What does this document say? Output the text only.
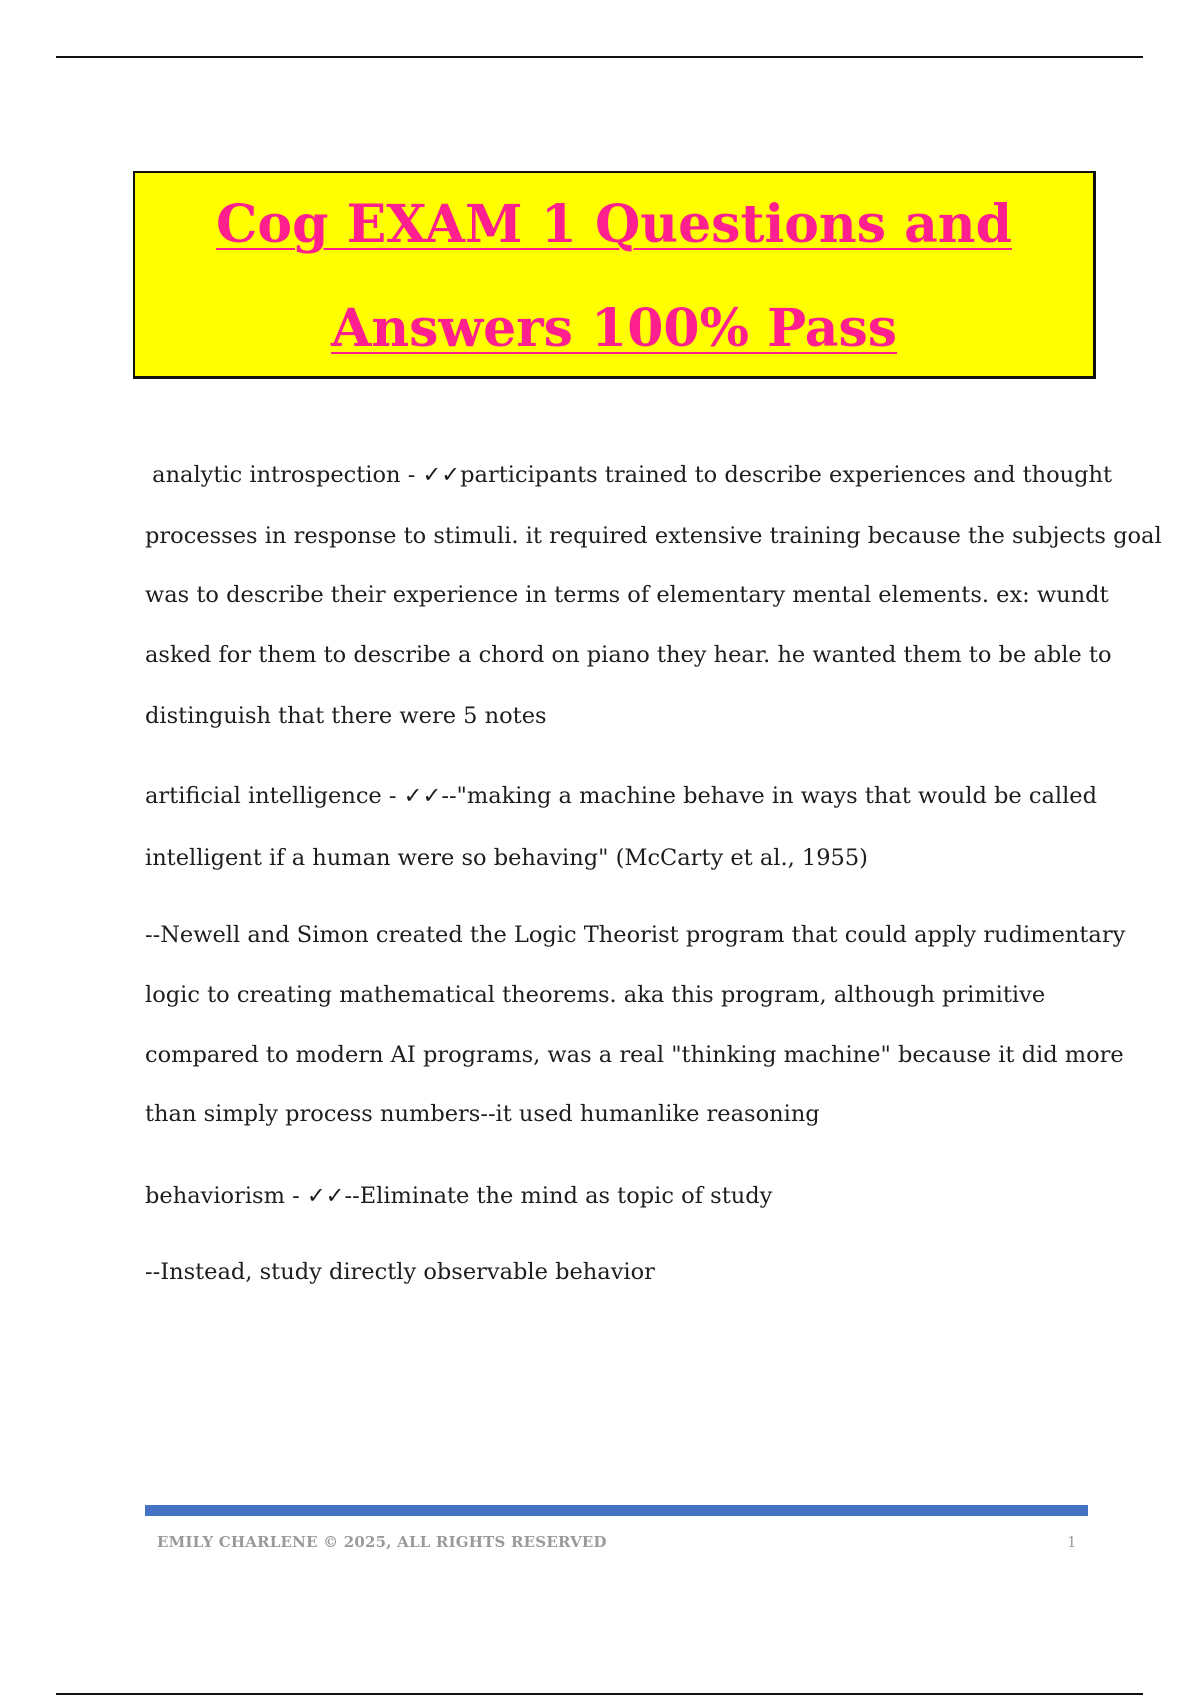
Cog EXAM 1 Questions and
Answers 100% Pass

analytic introspection - ✓✓participants trained to describe experiences and thought

processes in response to stimuli. it required extensive training because the subjects goal

was to describe their experience in terms of elementary mental elements. ex: wundt

asked for them to describe a chord on piano they hear. he wanted them to be able to

distinguish that there were 5 notes

artificial intelligence - ✓✓--"making a machine behave in ways that would be called

intelligent if a human were so behaving" (McCarty et al., 1955)

--Newell and Simon created the Logic Theorist program that could apply rudimentary

logic to creating mathematical theorems. aka this program, although primitive

compared to modern AI programs, was a real "thinking machine" because it did more

than simply process numbers--it used humanlike reasoning

behaviorism - ✓✓--Eliminate the mind as topic of study

--Instead, study directly observable behavior

EMILY CHARLENE © 2025, ALL RIGHTS RESERVED	1
